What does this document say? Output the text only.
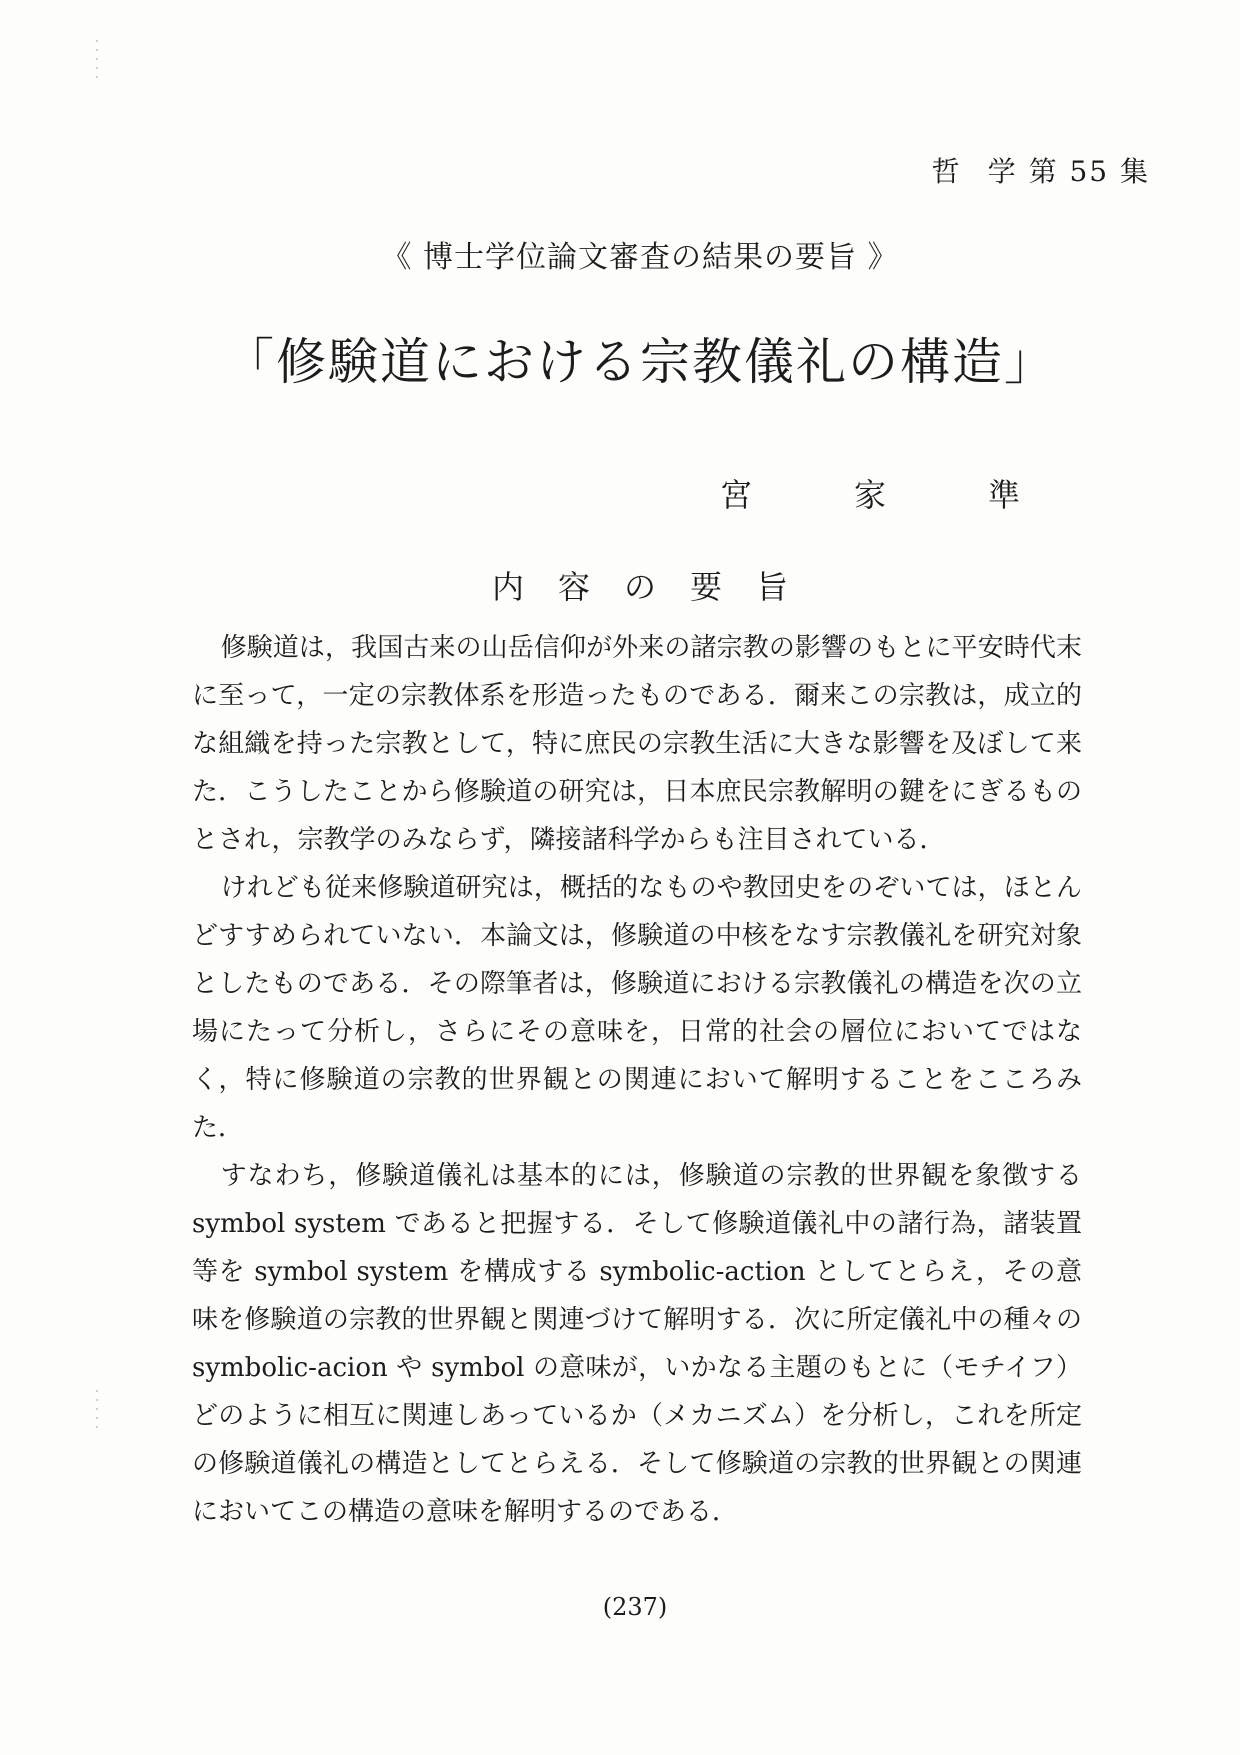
哲 学 第 55 集
《 博士学位論文審査の結果の要旨 》
「修験道における宗教儀礼の構造」
宮	家	準
内 容 の 要 旨

修験道は，我国古来の山岳信仰が外来の諸宗教の影響のもとに平安時代末に至って，一定の宗教体系を形造ったものである．爾来この宗教は，成立的な組織を持った宗教として，特に庶民の宗教生活に大きな影響を及ぼして来た．こうしたことから修験道の研究は，日本庶民宗教解明の鍵をにぎるものとされ，宗教学のみならず，隣接諸科学からも注目されている．

けれども従来修験道研究は，概括的なものや教団史をのぞいては，ほとんどすすめられていない．本論文は，修験道の中核をなす宗教儀礼を研究対象としたものである．その際筆者は，修験道における宗教儀礼の構造を次の立場にたって分析し，さらにその意味を，日常的社会の層位においてではなく，特に修験道の宗教的世界観との関連において解明することをこころみた．

すなわち，修験道儀礼は基本的には，修験道の宗教的世界観を象徴する symbol system であると把握する．そして修験道儀礼中の諸行為，諸装置等を symbol system を構成する symbolic-action としてとらえ，その意味を修験道の宗教的世界観と関連づけて解明する．次に所定儀礼中の種々の symbolic-acion や symbol の意味が，いかなる主題のもとに（モチイフ）どのように相互に関連しあっているか（メカニズム）を分析し，これを所定の修験道儀礼の構造としてとらえる．そして修験道の宗教的世界観との関連においてこの構造の意味を解明するのである．

(237)
